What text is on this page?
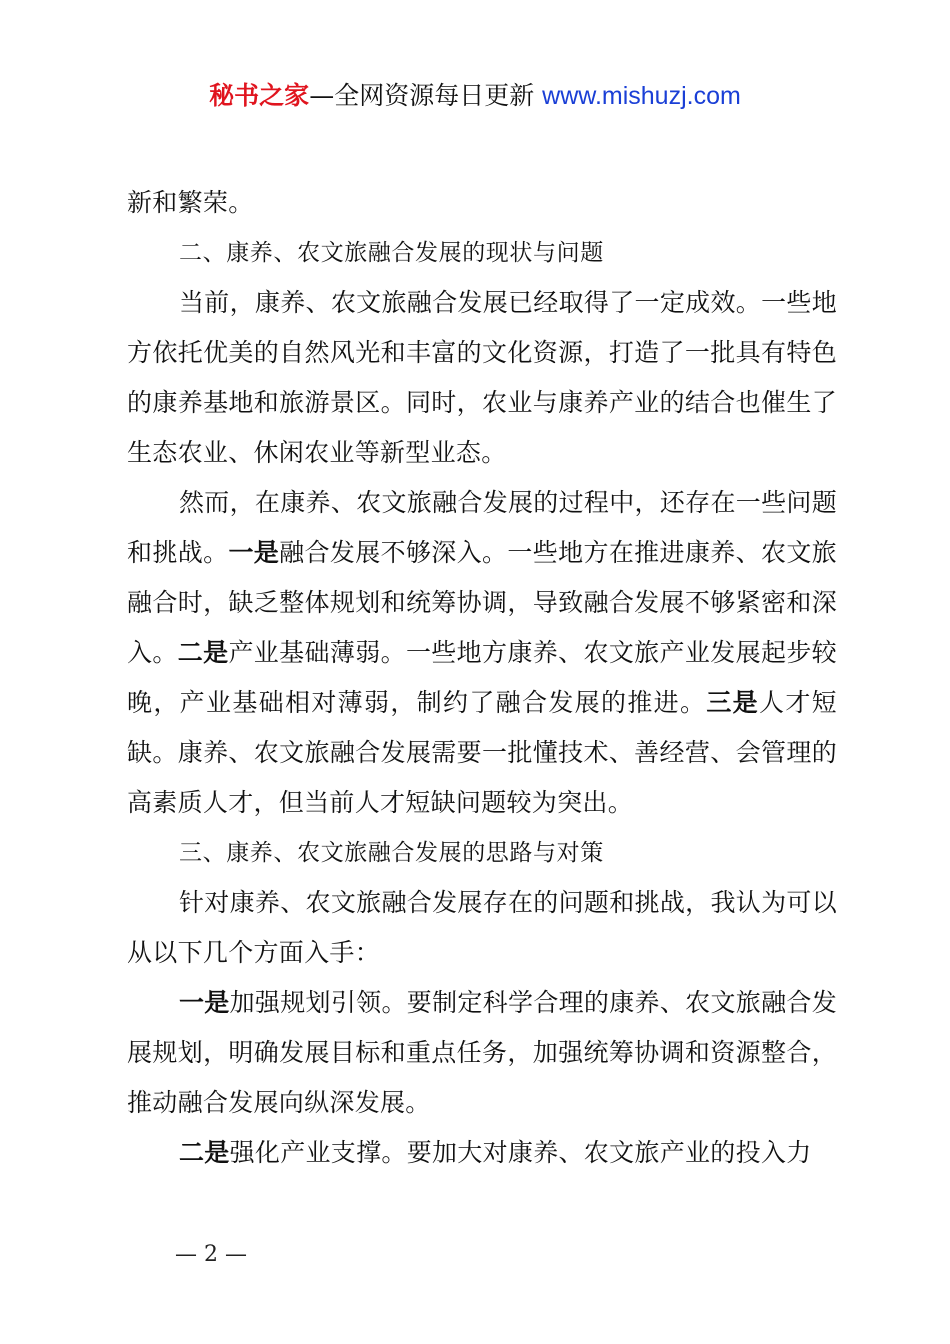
秘书之家—全网资源每日更新 www.mishuzj.com

新和繁荣。

二、康养、农文旅融合发展的现状与问题

当前，康养、农文旅融合发展已经取得了一定成效。一些地方依托优美的自然风光和丰富的文化资源，打造了一批具有特色的康养基地和旅游景区。同时，农业与康养产业的结合也催生了生态农业、休闲农业等新型业态。

然而，在康养、农文旅融合发展的过程中，还存在一些问题和挑战。一是融合发展不够深入。一些地方在推进康养、农文旅融合时，缺乏整体规划和统筹协调，导致融合发展不够紧密和深入。二是产业基础薄弱。一些地方康养、农文旅产业发展起步较晚，产业基础相对薄弱，制约了融合发展的推进。三是人才短缺。康养、农文旅融合发展需要一批懂技术、善经营、会管理的高素质人才，但当前人才短缺问题较为突出。

三、康养、农文旅融合发展的思路与对策

针对康养、农文旅融合发展存在的问题和挑战，我认为可以从以下几个方面入手：

一是加强规划引领。要制定科学合理的康养、农文旅融合发展规划，明确发展目标和重点任务，加强统筹协调和资源整合，推动融合发展向纵深发展。

二是强化产业支撑。要加大对康养、农文旅产业的投入力

— 2 —
